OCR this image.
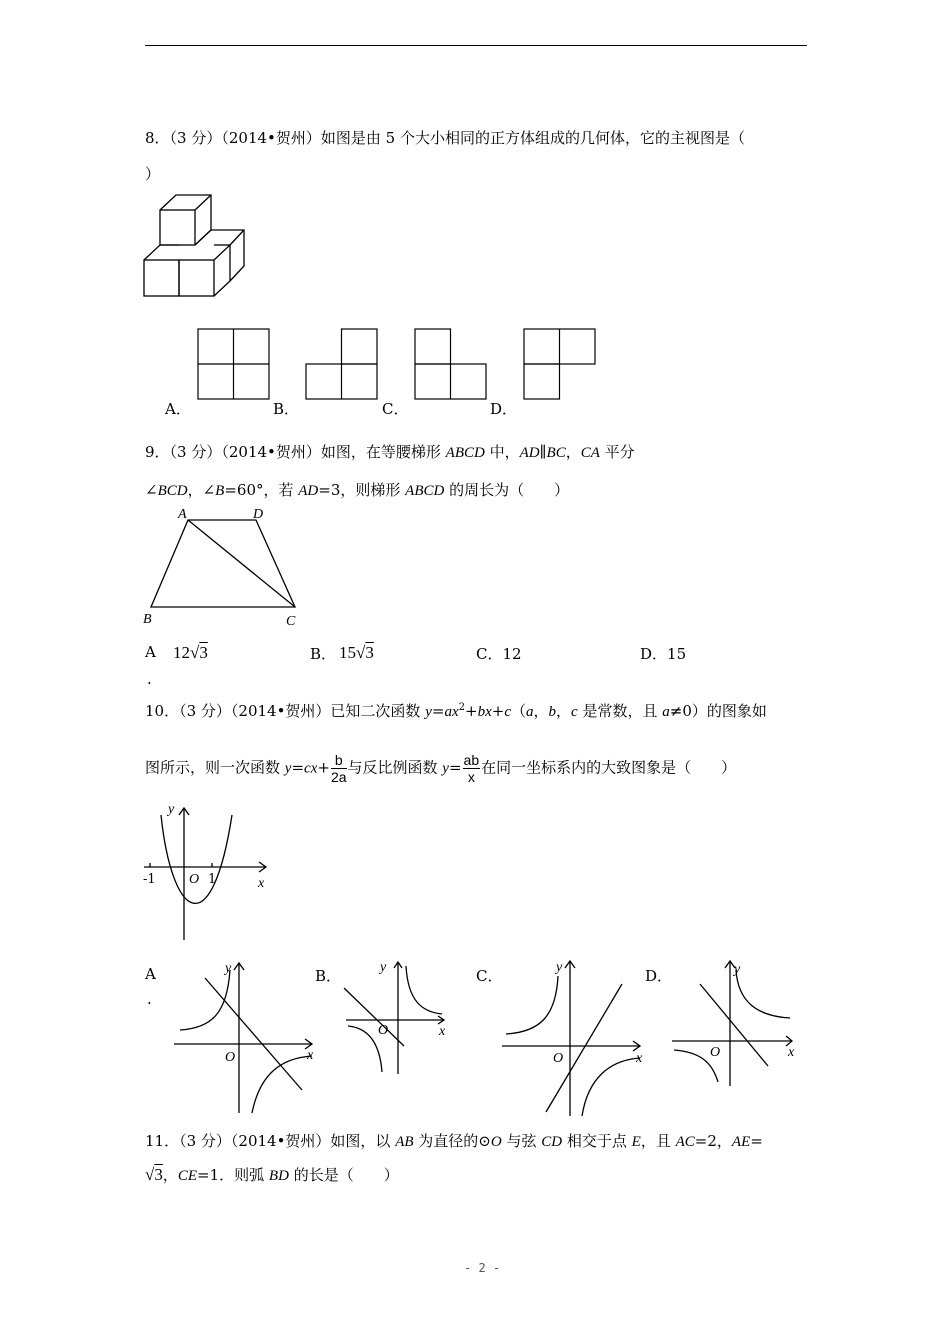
8．（3 分）（2014•贺州）如图是由 5 个大小相同的正方体组成的几何体，它的主视图是（
）
A．	B．	C．	D．
9．（3 分）（2014•贺州）如图，在等腰梯形 ABCD 中，AD∥BC，CA 平分
∠BCD，∠B=60°，若 AD=3，则梯形 ABCD 的周长为（　　）
A	D
B	C
A
.
12√3	B． 15√3	C．12	D．15
10．（3 分）（2014•贺州）已知二次函数 $y=ax^2+bx+c(a$，b，c 是常数，且 a≠0）的图象如
图所示，则一次函数 $y=cx+ \frac{b}{2a}$ 与反比例函数 $y= \frac{ab}{x}$ 在同一坐标系内的大致图象是（　　）
y
x
O
-1	1
A
.
y
x
O
B．	y
x
O
C．	y
x
O
D．	y
x
O
11．（3 分）（2014•贺州）如图，以 AB 为直径的⊙O 与弦 CD 相交于点 E，且 AC=2，AE=
√3，CE=1．则弧 BD 的长是（　　）
- 2 -
